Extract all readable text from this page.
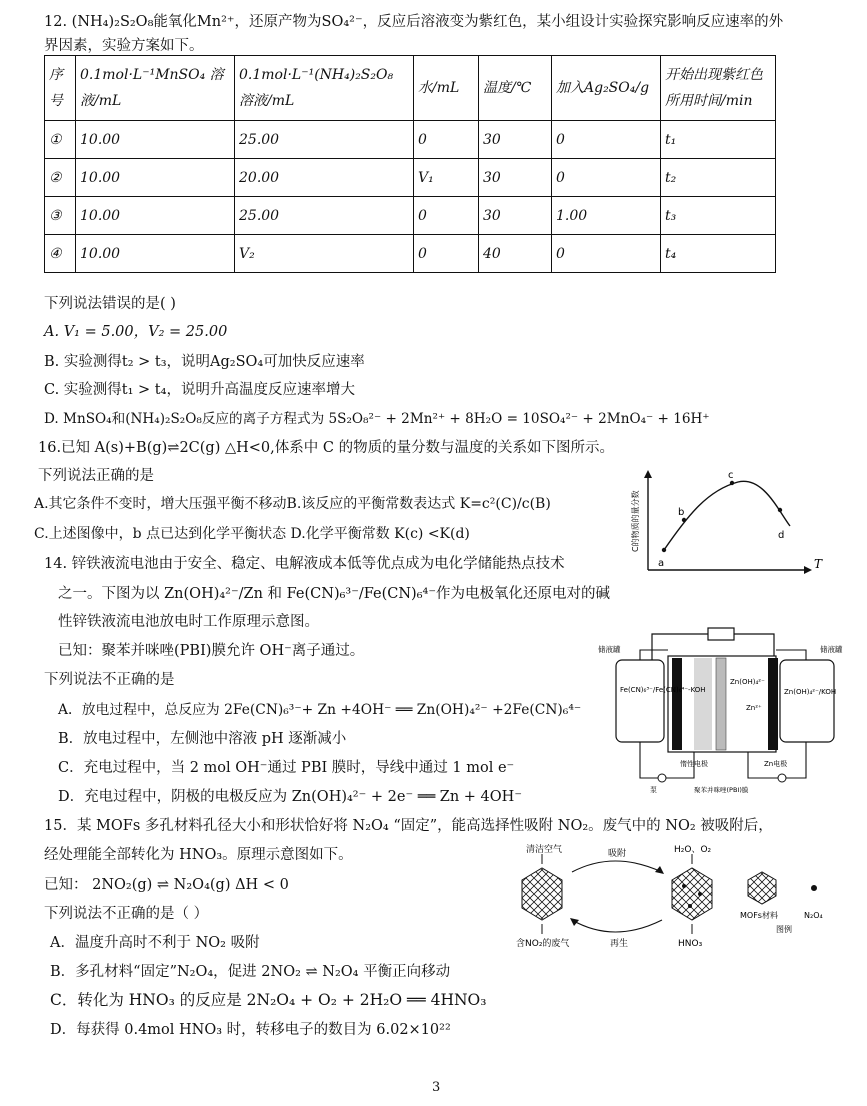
12. (NH₄)₂S₂O₈能氧化Mn²⁺，还原产物为SO₄²⁻，反应后溶液变为紫红色，某小组设计实验探究影响反应速率的外
界因素，实验方案如下。
序号	0.1mol·L⁻¹MnSO₄ 溶液/mL	0.1mol·L⁻¹(NH₄)₂S₂O₈ 溶液/mL	水/mL	温度/℃	加入Ag₂SO₄/g	开始出现紫红色所用时间/min
①	10.00	25.00	0	30	0	t₁
②	10.00	20.00	V₁	30	0	t₂
③	10.00	25.00	0	30	1.00	t₃
④	10.00	V₂	0	40	0	t₄
下列说法错误的是( )
A. V₁ = 5.00，V₂ = 25.00
B. 实验测得t₂ > t₃，说明Ag₂SO₄可加快反应速率
C. 实验测得t₁ > t₄，说明升高温度反应速率增大
D. MnSO₄和(NH₄)₂S₂O₈反应的离子方程式为 5S₂O₈²⁻ + 2Mn²⁺ + 8H₂O = 10SO₄²⁻ + 2MnO₄⁻ + 16H⁺
16.已知 A(s)+B(g)⇌2C(g) △H<0,体系中 C 的物质的量分数与温度的关系如下图所示。
下列说法正确的是
A.其它条件不变时，增大压强平衡不移动B.该反应的平衡常数表达式 K=c²(C)/c(B)
C.上述图像中，b 点已达到化学平衡状态 D.化学平衡常数 K(c) <K(d)
a
b
c
d
T
C的物质的量分数
14. 锌铁液流电池由于安全、稳定、电解液成本低等优点成为电化学储能热点技术
之一。下图为以 Zn(OH)₄²⁻/Zn 和 Fe(CN)₆³⁻/Fe(CN)₆⁴⁻作为电极氧化还原电对的碱
性锌铁液流电池放电时工作原理示意图。
已知：聚苯并咪唑(PBI)膜允许 OH⁻离子通过。
下列说法不正确的是
A．放电过程中，总反应为 2Fe(CN)₆³⁻+ Zn +4OH⁻ ══ Zn(OH)₄²⁻ +2Fe(CN)₆⁴⁻
B．放电过程中，左侧池中溶液 pH 逐渐减小
C．充电过程中，当 2 mol OH⁻通过 PBI 膜时，导线中通过 1 mol e⁻
D．充电过程中，阴极的电极反应为 Zn(OH)₄²⁻ + 2e⁻ ══ Zn + 4OH⁻
储液罐	储液罐
Fe(CN)₆³⁻/Fe(CN)₆⁴⁻-KOH	Zn(OH)₄²⁻/KOH
Zn(OH)₄²⁻
Zn²⁺
惰性电极	Zn电极
泵	聚苯并咪唑(PBI)膜
15．某 MOFs 多孔材料孔径大小和形状恰好将 N₂O₄ “固定”，能高选择性吸附 NO₂。废气中的 NO₂ 被吸附后，
经处理能全部转化为 HNO₃。原理示意图如下。
已知： 2NO₂(g) ⇌ N₂O₄(g) ΔH < 0
下列说法不正确的是（ ）
A．温度升高时不利于 NO₂ 吸附
B．多孔材料“固定”N₂O₄，促进 2NO₂ ⇌ N₂O₄ 平衡正向移动
C．转化为 HNO₃ 的反应是 2N₂O₄ + O₂ + 2H₂O ══ 4HNO₃
D．每获得 0.4mol HNO₃ 时，转移电子的数目为 6.02×10²²
清洁空气	吸附	H₂O、O₂
含NO₂的废气	再生	HNO₃
MOFs材料	N₂O₄
图例
3
